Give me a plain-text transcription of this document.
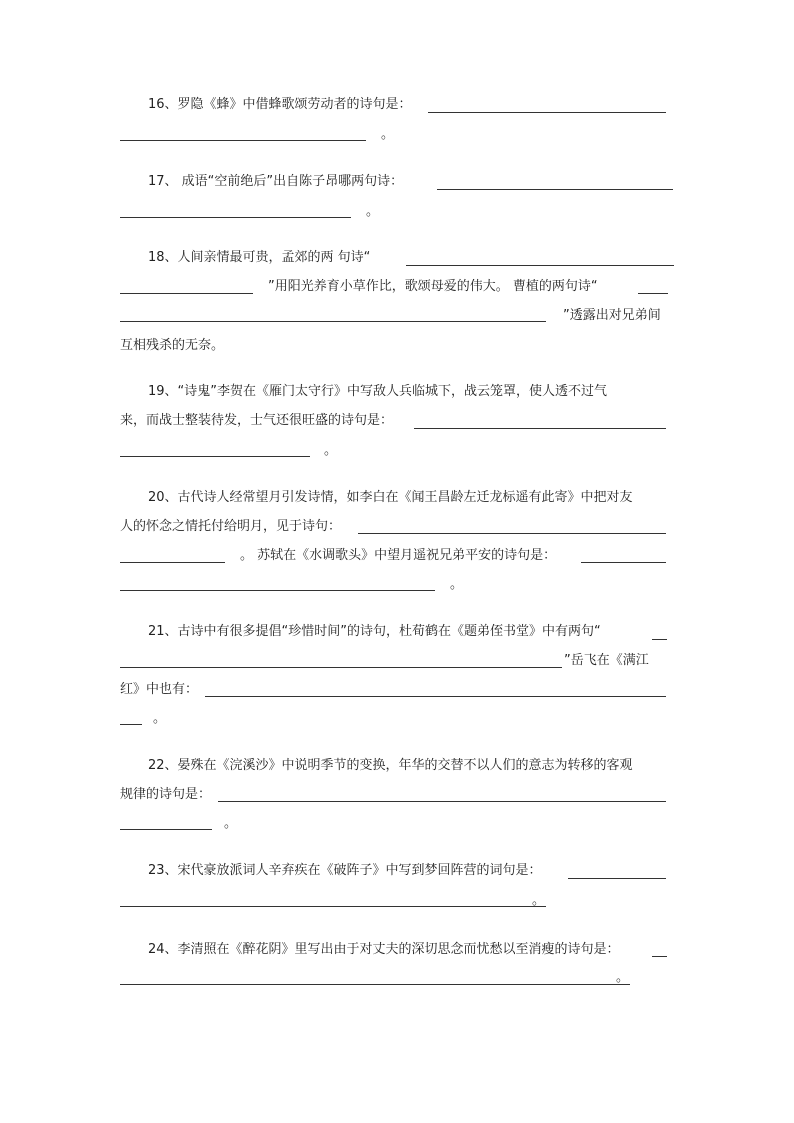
16、罗隐《蜂》中借蜂歌颂劳动者的诗句是：
。
17、 成语“空前绝后”出自陈子昂哪两句诗：
。
18、人间亲情最可贵，孟郊的两 句诗“
”用阳光养育小草作比，歌颂母爱的伟大。 曹植的两句诗“
”透露出对兄弟间
互相残杀的无奈。
19、“诗鬼”李贺在《雁门太守行》中写敌人兵临城下，战云笼罩，使人透不过气
来，而战士整装待发，士气还很旺盛的诗句是：
。
20、古代诗人经常望月引发诗情，如李白在《闻王昌龄左迁龙标遥有此寄》中把对友
人的怀念之情托付给明月，见于诗句：
。 苏轼在《水调歌头》中望月遥祝兄弟平安的诗句是：
。
21、古诗中有很多提倡“珍惜时间”的诗句，杜荀鹤在《题弟侄书堂》中有两句“
”岳飞在《满江
红》中也有：
。
22、晏殊在《浣溪沙》中说明季节的变换，年华的交替不以人们的意志为转移的客观
规律的诗句是：
。
23、宋代豪放派词人辛弃疾在《破阵子》中写到梦回阵营的词句是：
。
24、李清照在《醉花阴》里写出由于对丈夫的深切思念而忧愁以至消瘦的诗句是：
。
